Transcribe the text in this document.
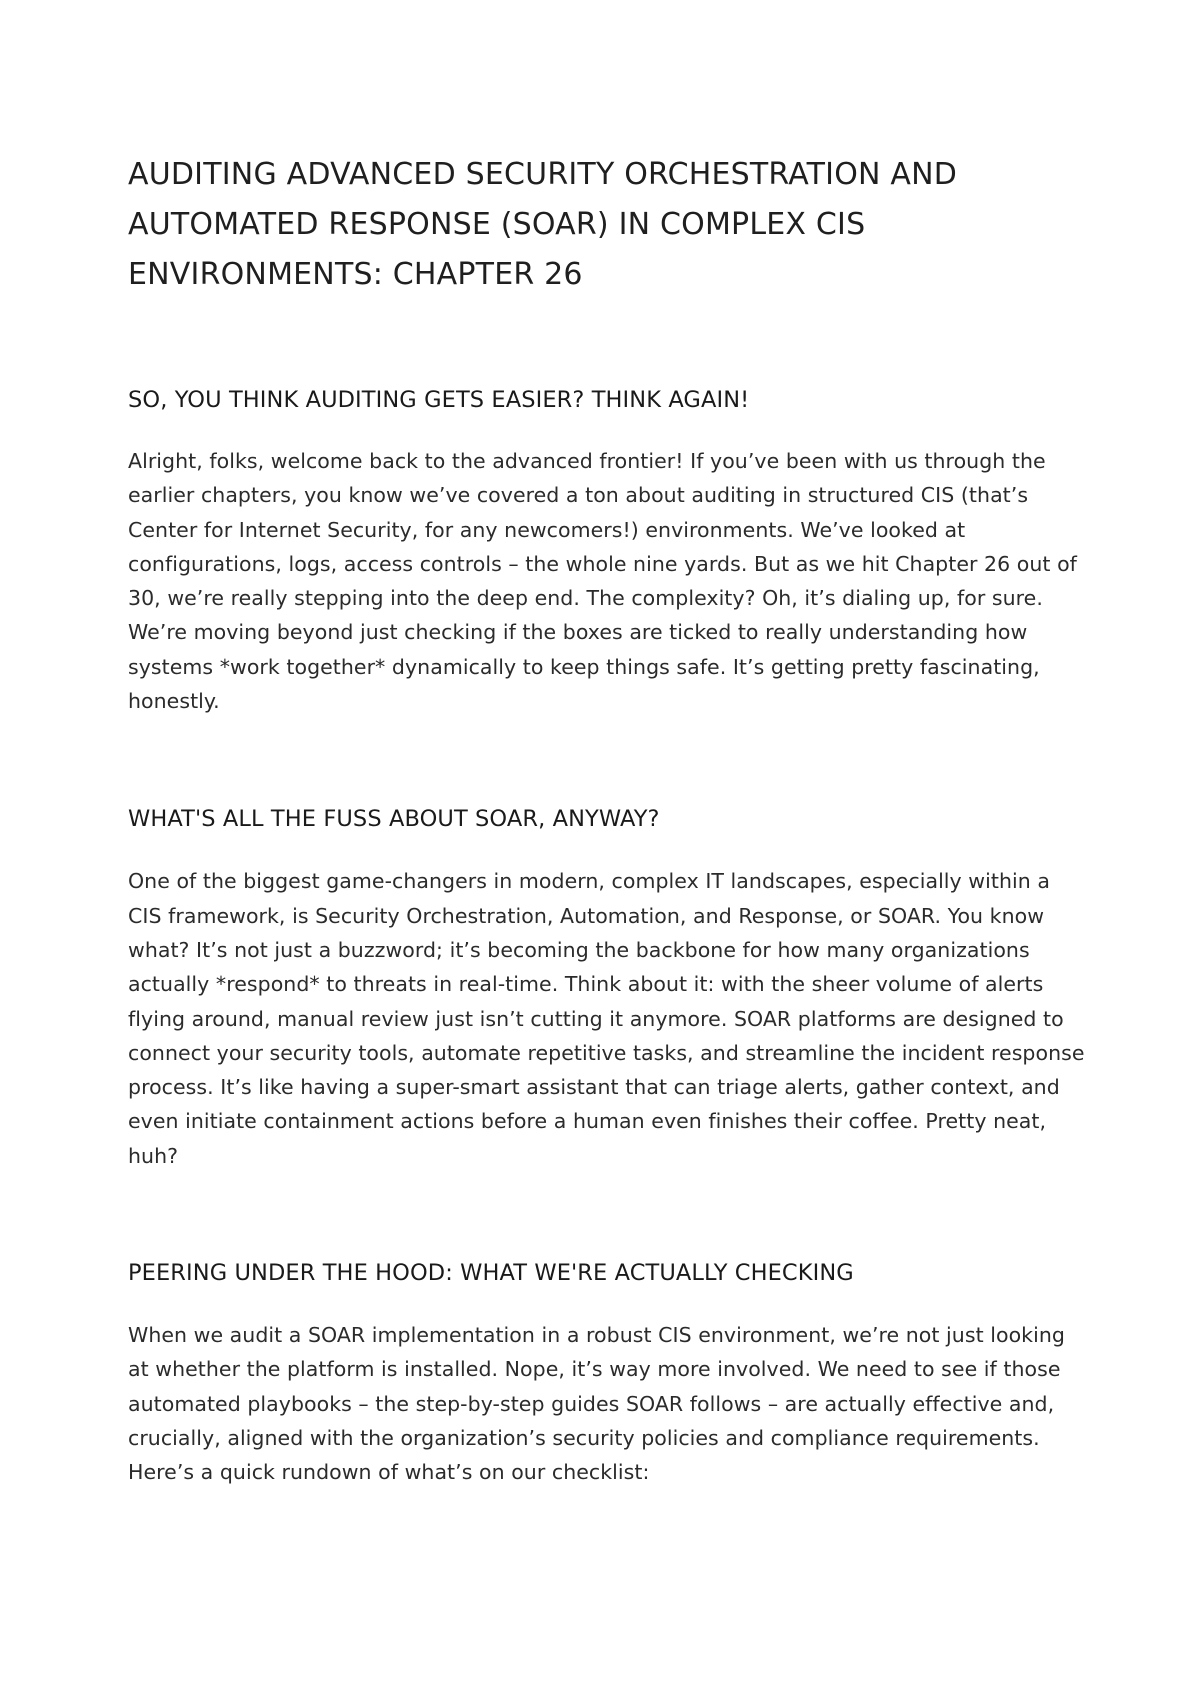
AUDITING ADVANCED SECURITY ORCHESTRATION AND AUTOMATED RESPONSE (SOAR) IN COMPLEX CIS ENVIRONMENTS: CHAPTER 26
SO, YOU THINK AUDITING GETS EASIER? THINK AGAIN!

Alright, folks, welcome back to the advanced frontier! If you’ve been with us through the earlier chapters, you know we’ve covered a ton about auditing in structured CIS (that’s Center for Internet Security, for any newcomers!) environments. We’ve looked at configurations, logs, access controls – the whole nine yards. But as we hit Chapter 26 out of 30, we’re really stepping into the deep end. The complexity? Oh, it’s dialing up, for sure. We’re moving beyond just checking if the boxes are ticked to really understanding how systems *work together* dynamically to keep things safe. It’s getting pretty fascinating, honestly.

WHAT'S ALL THE FUSS ABOUT SOAR, ANYWAY?

One of the biggest game-changers in modern, complex IT landscapes, especially within a CIS framework, is Security Orchestration, Automation, and Response, or SOAR. You know what? It’s not just a buzzword; it’s becoming the backbone for how many organizations actually *respond* to threats in real-time. Think about it: with the sheer volume of alerts flying around, manual review just isn’t cutting it anymore. SOAR platforms are designed to connect your security tools, automate repetitive tasks, and streamline the incident response process. It’s like having a super-smart assistant that can triage alerts, gather context, and even initiate containment actions before a human even finishes their coffee. Pretty neat, huh?

PEERING UNDER THE HOOD: WHAT WE'RE ACTUALLY CHECKING

When we audit a SOAR implementation in a robust CIS environment, we’re not just looking at whether the platform is installed. Nope, it’s way more involved. We need to see if those automated playbooks – the step-by-step guides SOAR follows – are actually effective and, crucially, aligned with the organization’s security policies and compliance requirements. Here’s a quick rundown of what’s on our checklist:
